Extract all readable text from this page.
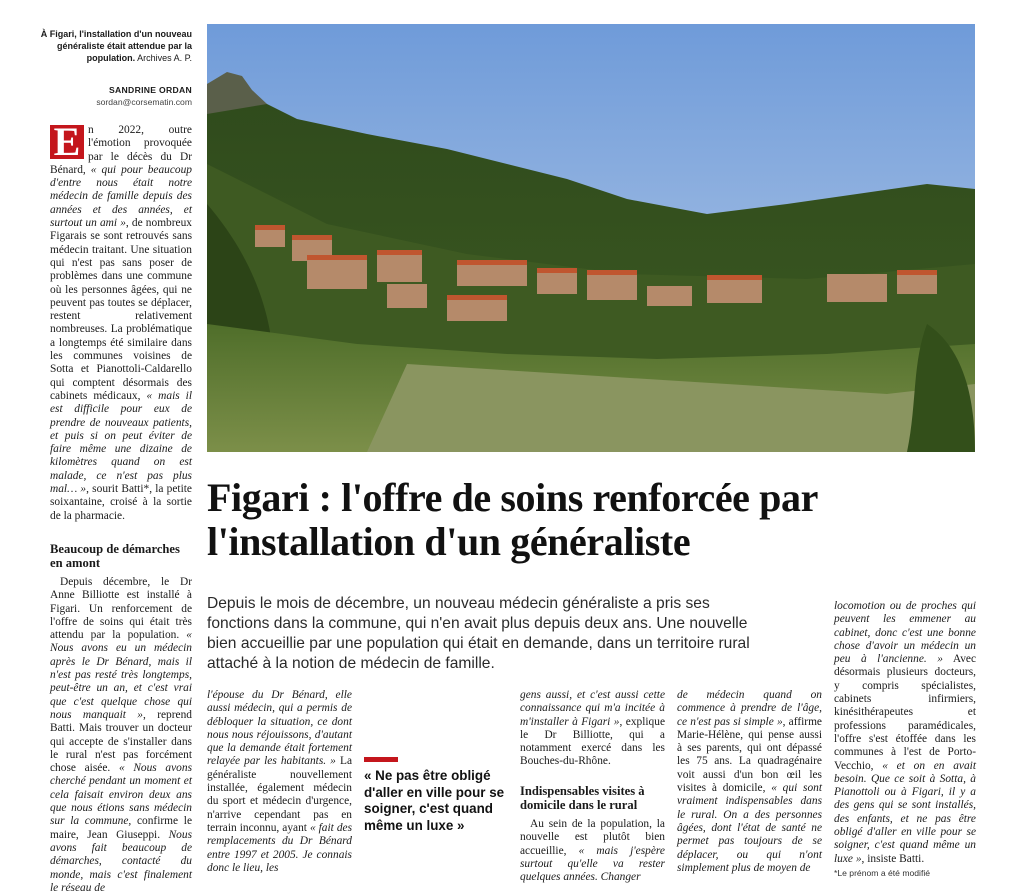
À Figari, l'installation d'un nouveau généraliste était attendue par la population. Archives A. P.
SANDRINE ORDAN
sordan@corsematin.com

E n 2022, outre l'émotion provoquée par le décès du Dr Bénard, « qui pour beaucoup d'entre nous était notre médecin de famille depuis des années et des années, et surtout un ami », de nombreux Figarais se sont retrouvés sans médecin traitant. Une situation qui n'est pas sans poser de problèmes dans une commune où les personnes âgées, qui ne peuvent pas toutes se déplacer, restent relativement nombreuses. La problématique a longtemps été similaire dans les communes voisines de Sotta et Pianottoli-Caldarello qui comptent désormais des cabinets médicaux, « mais il est difficile pour eux de prendre de nouveaux patients, et puis si on peut éviter de faire même une dizaine de kilomètres quand on est malade, ce n'est pas plus mal… », sourit Batti*, la petite soixantaine, croisé à la sortie de la pharmacie.

Beaucoup de démarches en amont

Depuis décembre, le Dr Anne Billiotte est installé à Figari. Un renforcement de l'offre de soins qui était très attendu par la population. « Nous avons eu un médecin après le Dr Bénard, mais il n'est pas resté très longtemps, peut-être un an, et c'est vrai que c'est quelque chose qui nous manquait », reprend Batti. Mais trouver un docteur qui accepte de s'installer dans le rural n'est pas forcément chose aisée. « Nous avons cherché pendant un moment et cela faisait environ deux ans que nous étions sans médecin sur la commune, confirme le maire, Jean Giuseppi. Nous avons fait beaucoup de démarches, contacté du monde, mais c'est finalement le réseau de

Figari : l'offre de soins renforcée par l'installation d'un généraliste
Depuis le mois de décembre, un nouveau médecin généraliste a pris ses fonctions dans la commune, qui n'en avait plus depuis deux ans. Une nouvelle bien accueillie par une population qui était en demande, dans un territoire rural attaché à la notion de médecin de famille.

l'épouse du Dr Bénard, elle aussi médecin, qui a permis de débloquer la situation, ce dont nous nous réjouissons, d'autant que la demande était fortement relayée par les habitants. » La généraliste nouvellement installée, également médecin du sport et médecin d'urgence, n'arrive cependant pas en terrain inconnu, ayant « fait des remplacements du Dr Bénard entre 1997 et 2005. Je connais donc le lieu, les

« Ne pas être obligé d'aller en ville pour se soigner, c'est quand même un luxe »

gens aussi, et c'est aussi cette connaissance qui m'a incitée à m'installer à Figari », explique le Dr Billiotte, qui a notamment exercé dans les Bouches-du-Rhône.

Indispensables visites à domicile dans le rural

Au sein de la population, la nouvelle est plutôt bien accueillie, « mais j'espère surtout qu'elle va rester quelques années. Changer

de médecin quand on commence à prendre de l'âge, ce n'est pas si simple », affirme Marie-Hélène, qui pense aussi à ses parents, qui ont dépassé les 75 ans. La quadragénaire voit aussi d'un bon œil les visites à domicile, « qui sont vraiment indispensables dans le rural. On a des personnes âgées, dont l'état de santé ne permet pas toujours de se déplacer, ou qui n'ont simplement plus de moyen de

locomotion ou de proches qui peuvent les emmener au cabinet, donc c'est une bonne chose d'avoir un médecin un peu à l'ancienne. » Avec désormais plusieurs docteurs, y compris spécialistes, cabinets infirmiers, kinésithérapeutes et professions paramédicales, l'offre s'est étoffée dans les communes à l'est de Porto-Vecchio, « et on en avait besoin. Que ce soit à Sotta, à Pianottoli ou à Figari, il y a des gens qui se sont installés, des enfants, et ne pas être obligé d'aller en ville pour se soigner, c'est quand même un luxe », insiste Batti.

*Le prénom a été modifié
